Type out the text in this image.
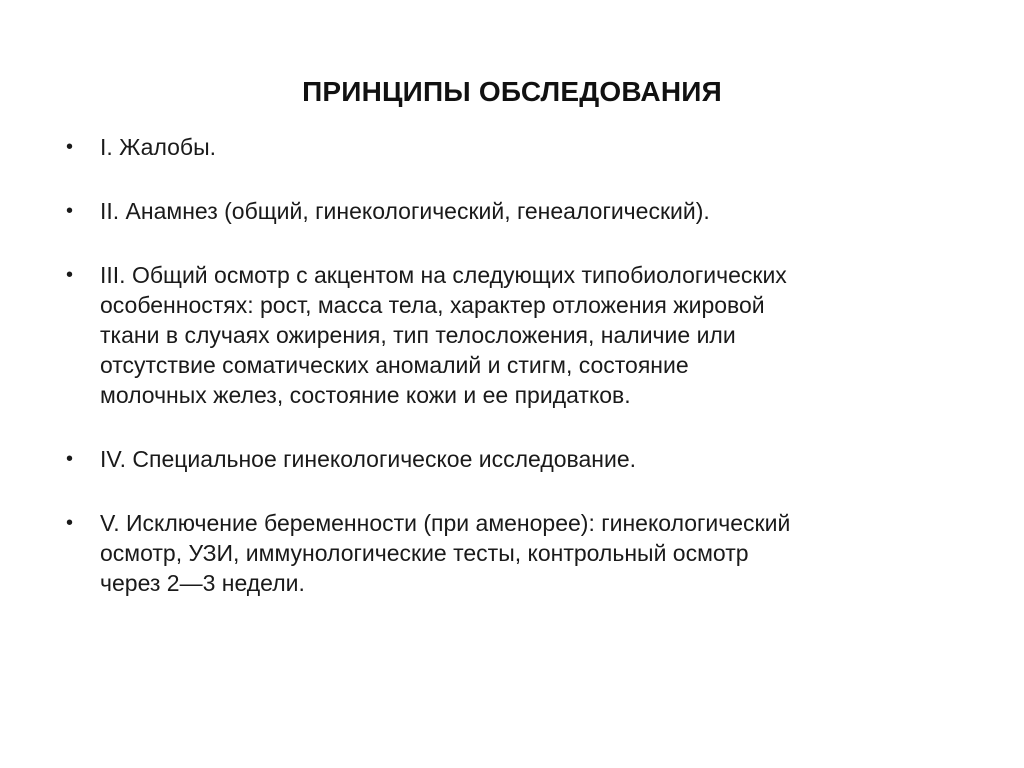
ПРИНЦИПЫ ОБСЛЕДОВАНИЯ
•	I. Жалобы.
•	II. Анамнез (общий, гинекологический, генеалогический).
•	III. Общий осмотр с акцентом на следующих типобиологических
особенностях: рост, масса тела, характер отложения жировой
ткани в случаях ожирения, тип телосложения, наличие или
отсутствие соматических аномалий и стигм, состояние
молочных желез, состояние кожи и ее придатков.
•	IV. Специальное гинекологическое исследование.
•	V. Исключение беременности (при аменорее): гинекологический
осмотр, УЗИ, иммунологические тесты, контрольный осмотр
через 2—3 недели.
